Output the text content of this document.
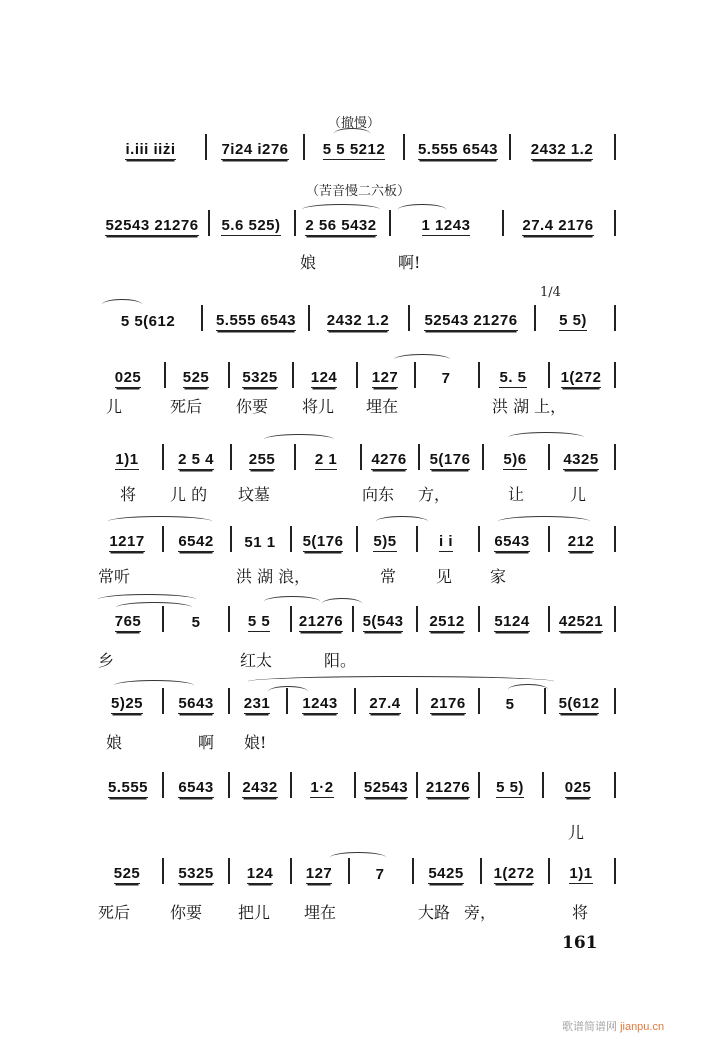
（撤慢）
i.iii iiżi	7i24 i276 5 5 5212 5.555 6543 2432 1.2
（苦音慢二六板）
52543 21276 5.6 525) 2 56 5432	1 1243	27.4 2176
娘	啊!
1/4
5 5(612	5.555 6543 2432 1.2 52543 21276	5 5)
025	525 5325 124 127	7	5. 5 1(272
儿	死后 你要 将儿 埋在	洪 湖 上，
1)1	2 5 4 255	2 1 4276 5(176 5)6 4325
将 儿 的 坟墓	向东 方，	让	儿
1217 6542 51 1 5(176 5)5	i i	6543	212
常听	洪 湖 浪，	常 见 家
765	5	5 5 21276 5(543 2512 5124 42521
乡	红太	阳。
5)25 5643 231 1243 27.4 2176	5	5(612
娘	啊 娘!
5.555 6543 2432 1·2 52543 21276 5 5)	025
儿
525	5325 124 127	7	5425 1(272 1)1
死后 你要 把儿 埋在	大路 旁，	将
161
歌谱简谱网 jianpu.cn
